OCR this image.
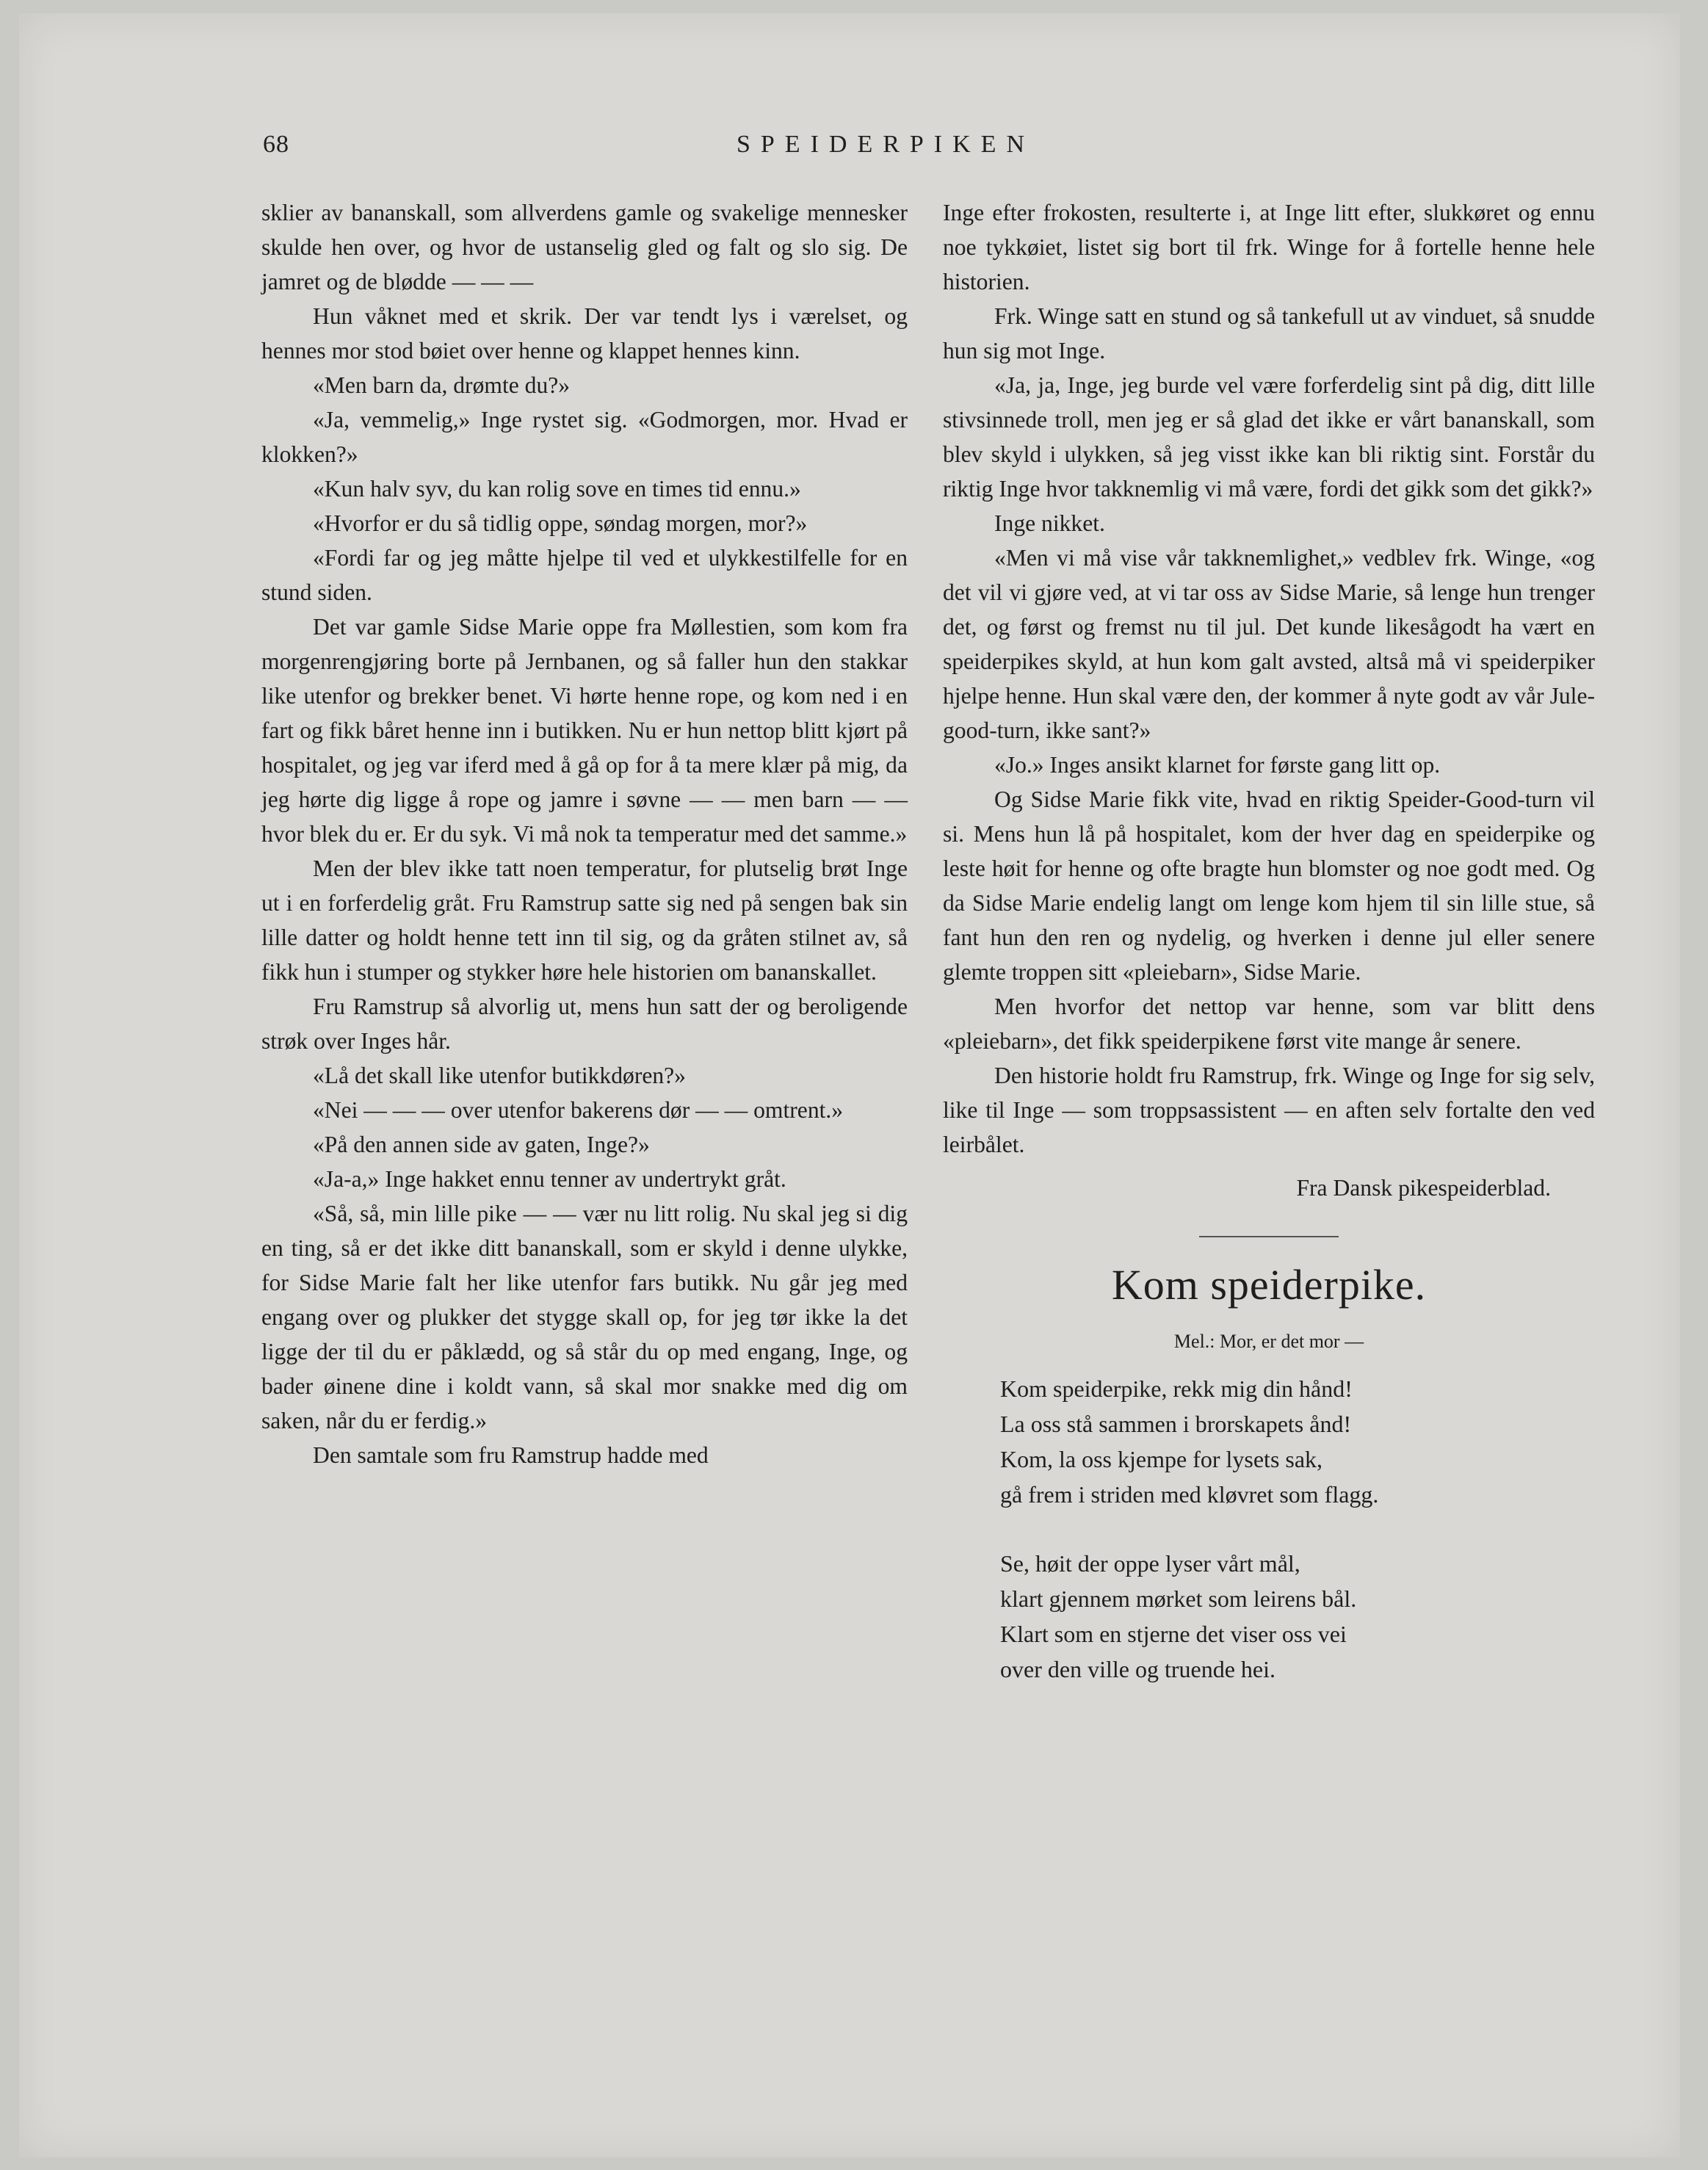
68	SPEIDERPIKEN

sklier av bananskall, som allverdens gamle og svakelige mennesker skulde hen over, og hvor de ustanselig gled og falt og slo sig. De jamret og de blødde — — —

Hun våknet med et skrik. Der var tendt lys i værelset, og hennes mor stod bøiet over henne og klappet hennes kinn.

«Men barn da, drømte du?»

«Ja, vemmelig,» Inge rystet sig. «Godmorgen, mor. Hvad er klokken?»

«Kun halv syv, du kan rolig sove en times tid ennu.»

«Hvorfor er du så tidlig oppe, søndag morgen, mor?»

«Fordi far og jeg måtte hjelpe til ved et ulykkestilfelle for en stund siden.

Det var gamle Sidse Marie oppe fra Møllestien, som kom fra morgenrengjøring borte på Jernbanen, og så faller hun den stakkar like utenfor og brekker benet. Vi hørte henne rope, og kom ned i en fart og fikk båret henne inn i butikken. Nu er hun nettop blitt kjørt på hospitalet, og jeg var iferd med å gå op for å ta mere klær på mig, da jeg hørte dig ligge å rope og jamre i søvne — — men barn — — hvor blek du er. Er du syk. Vi må nok ta temperatur med det samme.»

Men der blev ikke tatt noen temperatur, for plutselig brøt Inge ut i en forferdelig gråt. Fru Ramstrup satte sig ned på sengen bak sin lille datter og holdt henne tett inn til sig, og da gråten stilnet av, så fikk hun i stumper og stykker høre hele historien om bananskallet.

Fru Ramstrup så alvorlig ut, mens hun satt der og beroligende strøk over Inges hår.

«Lå det skall like utenfor butikkdøren?»

«Nei — — — over utenfor bakerens dør — — omtrent.»

«På den annen side av gaten, Inge?»

«Ja-a,» Inge hakket ennu tenner av undertrykt gråt.

«Så, så, min lille pike — — vær nu litt rolig. Nu skal jeg si dig en ting, så er det ikke ditt bananskall, som er skyld i denne ulykke, for Sidse Marie falt her like utenfor fars butikk. Nu går jeg med engang over og plukker det stygge skall op, for jeg tør ikke la det ligge der til du er påklædd, og så står du op med engang, Inge, og bader øinene dine i koldt vann, så skal mor snakke med dig om saken, når du er ferdig.»

Den samtale som fru Ramstrup hadde med

Inge efter frokosten, resulterte i, at Inge litt efter, slukkøret og ennu noe tykkøiet, listet sig bort til frk. Winge for å fortelle henne hele historien.

Frk. Winge satt en stund og så tankefull ut av vinduet, så snudde hun sig mot Inge.

«Ja, ja, Inge, jeg burde vel være forferdelig sint på dig, ditt lille stivsinnede troll, men jeg er så glad det ikke er vårt bananskall, som blev skyld i ulykken, så jeg visst ikke kan bli riktig sint. Forstår du riktig Inge hvor takknemlig vi må være, fordi det gikk som det gikk?»

Inge nikket.

«Men vi må vise vår takknemlighet,» vedblev frk. Winge, «og det vil vi gjøre ved, at vi tar oss av Sidse Marie, så lenge hun trenger det, og først og fremst nu til jul. Det kunde likesågodt ha vært en speiderpikes skyld, at hun kom galt avsted, altså må vi speiderpiker hjelpe henne. Hun skal være den, der kommer å nyte godt av vår Jule-good-turn, ikke sant?»

«Jo.» Inges ansikt klarnet for første gang litt op.

Og Sidse Marie fikk vite, hvad en riktig Speider-Good-turn vil si. Mens hun lå på hospitalet, kom der hver dag en speiderpike og leste høit for henne og ofte bragte hun blomster og noe godt med. Og da Sidse Marie endelig langt om lenge kom hjem til sin lille stue, så fant hun den ren og nydelig, og hverken i denne jul eller senere glemte troppen sitt «pleiebarn», Sidse Marie.

Men hvorfor det nettop var henne, som var blitt dens «pleiebarn», det fikk speiderpikene først vite mange år senere.

Den historie holdt fru Ramstrup, frk. Winge og Inge for sig selv, like til Inge — som troppsassistent — en aften selv fortalte den ved leirbålet.

Fra Dansk pikespeiderblad.

Kom speiderpike.
Mel.: Mor, er det mor —
Kom speiderpike, rekk mig din hånd!
La oss stå sammen i brorskapets ånd!
Kom, la oss kjempe for lysets sak,
gå frem i striden med kløvret som flagg.
Se, høit der oppe lyser vårt mål,
klart gjennem mørket som leirens bål.
Klart som en stjerne det viser oss vei
over den ville og truende hei.
